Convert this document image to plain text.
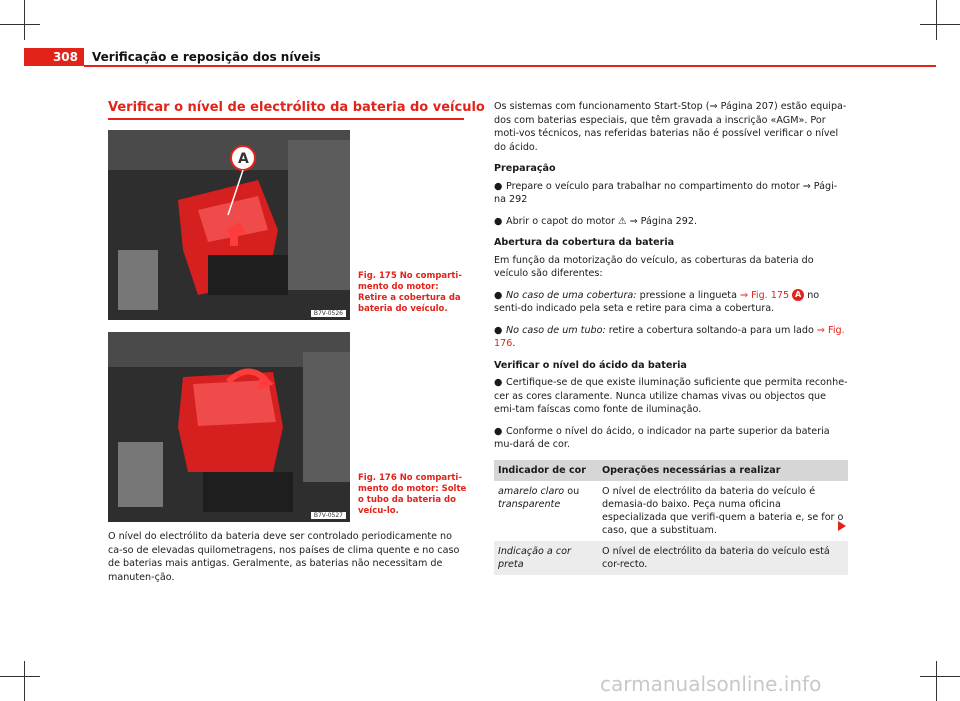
308	Verificação e reposição dos níveis
Verificar o nível de electrólito da bateria do veículo
A
B7V-0526
Fig. 175 No comparti-mento do motor: Retire a cobertura da bateria do veículo.
B7V-0527
Fig. 176 No comparti-mento do motor: Solte o tubo da bateria do veícu-lo.
O nível do electrólito da bateria deve ser controlado periodicamente no ca-so de elevadas quilometragens, nos países de clima quente e no caso de baterias mais antigas. Geralmente, as baterias não necessitam de manuten-ção.

Os sistemas com funcionamento Start-Stop (⇒ Página 207) estão equipa-dos com baterias especiais, que têm gravada a inscrição «AGM». Por moti-vos técnicos, nas referidas baterias não é possível verificar o nível do ácido.

Preparação

● Prepare o veículo para trabalhar no compartimento do motor ⇒ Pági-na 292

● Abrir o capot do motor ⚠ ⇒ Página 292.

Abertura da cobertura da bateria

Em função da motorização do veículo, as coberturas da bateria do veículo são diferentes:

● No caso de uma cobertura: pressione a lingueta ⇒ Fig. 175 A no senti-do indicado pela seta e retire para cima a cobertura.

● No caso de um tubo: retire a cobertura soltando-a para um lado ⇒ Fig. 176.

Verificar o nível do ácido da bateria

● Certifique-se de que existe iluminação suficiente que permita reconhe-cer as cores claramente. Nunca utilize chamas vivas ou objectos que emi-tam faíscas como fonte de iluminação.

● Conforme o nível do ácido, o indicador na parte superior da bateria mu-dará de cor.

Indicador de cor	Operações necessárias a realizar
amarelo claro ou
transparente	O nível de electrólito da bateria do veículo é demasia-do baixo. Peça numa oficina especializada que verifi-quem a bateria e, se for o caso, que a substituam.
Indicação a cor preta	O nível de electrólito da bateria do veículo está cor-recto.
carmanualsonline.info
